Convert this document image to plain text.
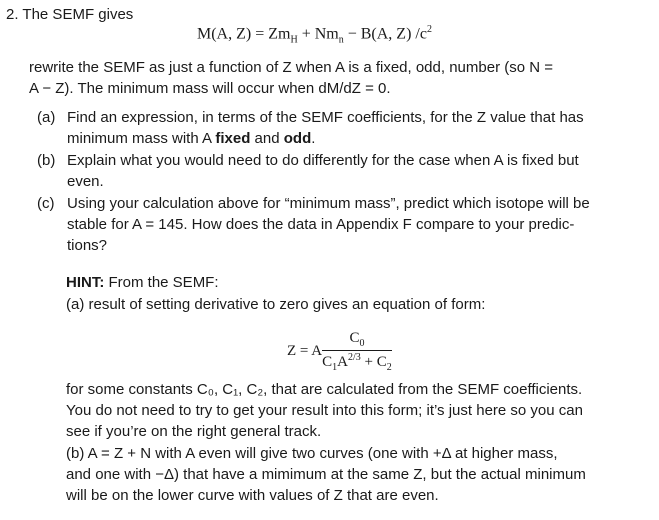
2. The SEMF gives
M(A, $Z) = Zm_H + Nm_n - B(A$, Z) $/c^2$
rewrite the SEMF as just a function of Z when A is a fixed, odd, number (so N =
A − Z). The minimum mass will occur when dM/dZ = 0.
(a) Find an expression, in terms of the SEMF coefficients, for the Z value that has
minimum mass with A fixed and odd.
(b) Explain what you would need to do differently for the case when A is fixed but
even.
(c) Using your calculation above for “minimum mass”, predict which isotope will be
stable for A = 145. How does the data in Appendix F compare to your predic-
tions?
HINT: From the SEMF:
(a) result of setting derivative to zero gives an equation of form:
Z = A $\frac{C_0}{C_1A^{2/3} + C_2}$
for some constants C₀, C₁, C₂, that are calculated from the SEMF coefficients.
You do not need to try to get your result into this form; it’s just here so you can
see if you’re on the right general track.
(b) A = Z + N with A even will give two curves (one with +Δ at higher mass,
and one with −Δ) that have a mimimum at the same Z, but the actual minimum
will be on the lower curve with values of Z that are even.
